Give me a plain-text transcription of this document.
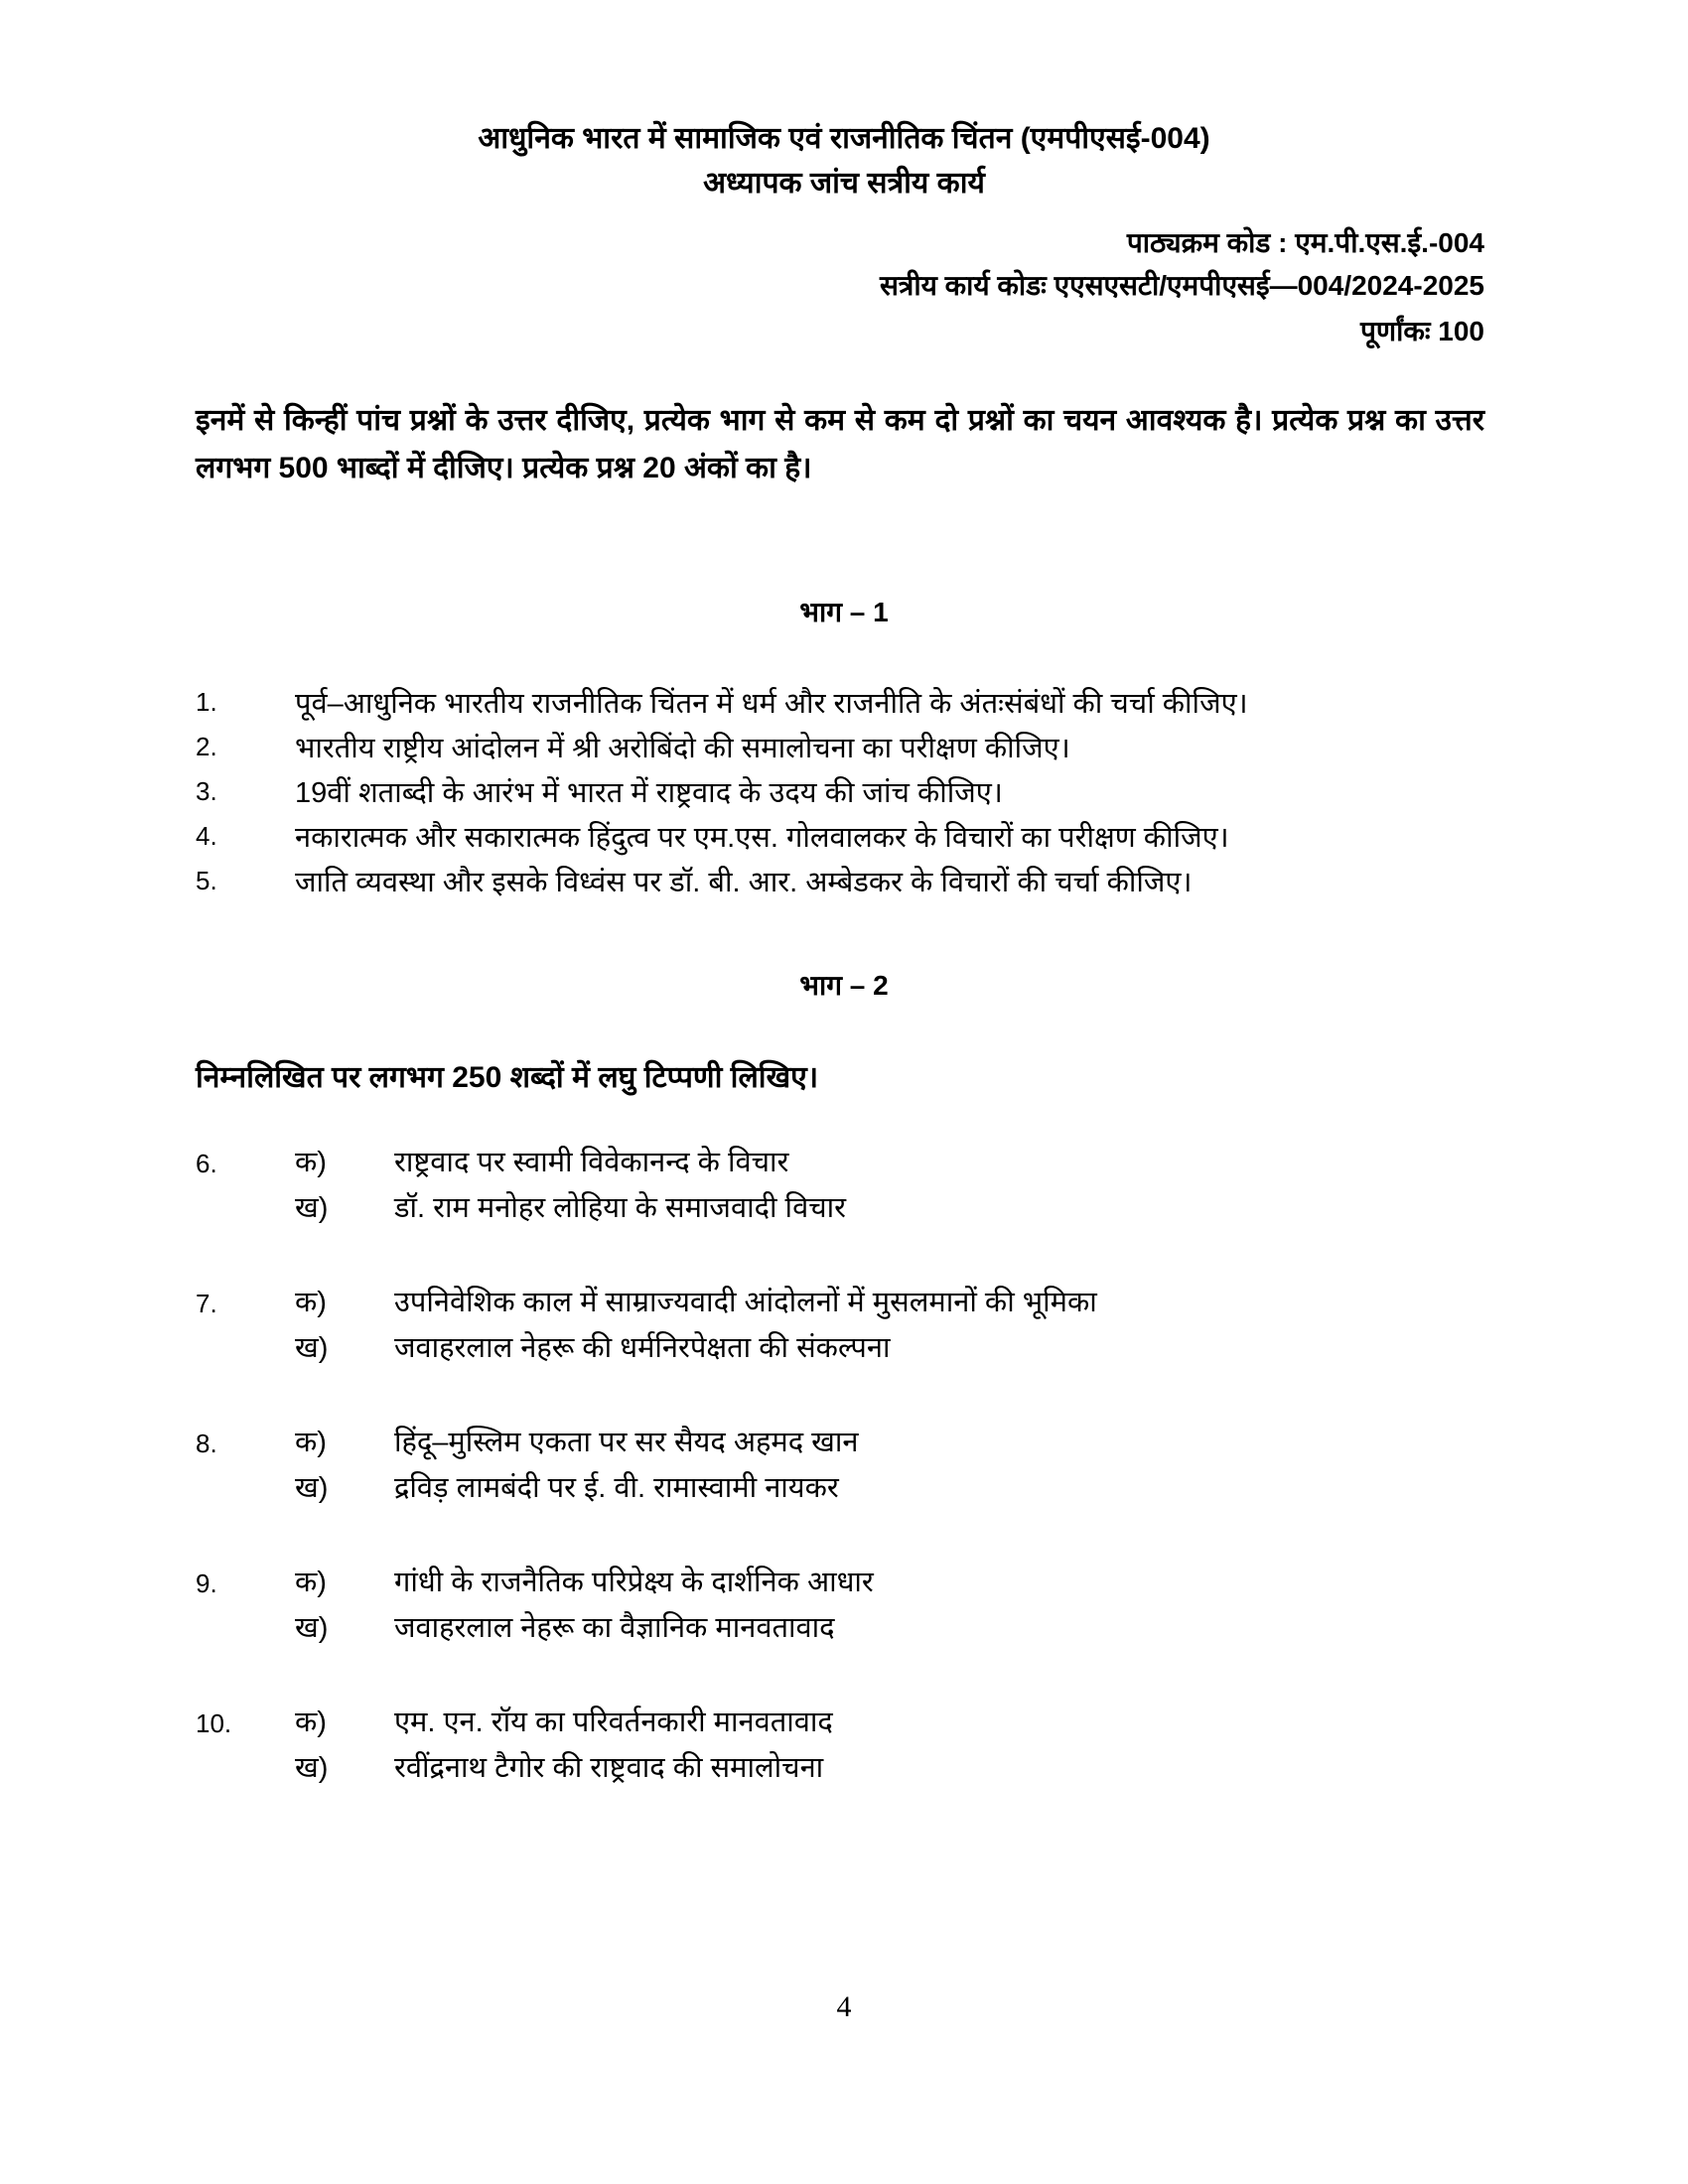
आधुनिक भारत में सामाजिक एवं राजनीतिक चिंतन (एमपीएसई-004)
अध्यापक जांच सत्रीय कार्य
पाठ्यक्रम कोड : एम.पी.एस.ई.-004
सत्रीय कार्य कोडः एएसएसटी/एमपीएसई—004/2024-2025
पूर्णांकः 100
इनमें से किन्हीं पांच प्रश्नों के उत्तर दीजिए, प्रत्येक भाग से कम से कम दो प्रश्नों का चयन आवश्यक है। प्रत्येक प्रश्न का उत्तर लगभग 500 भाब्दों में दीजिए। प्रत्येक प्रश्न 20 अंकों का है।
भाग – 1
1.	पूर्व–आधुनिक भारतीय राजनीतिक चिंतन में धर्म और राजनीति के अंतःसंबंधों की चर्चा कीजिए।
2.	भारतीय राष्ट्रीय आंदोलन में श्री अरोबिंदो की समालोचना का परीक्षण कीजिए।
3.	19वीं शताब्दी के आरंभ में भारत में राष्ट्रवाद के उदय की जांच कीजिए।
4.	नकारात्मक और सकारात्मक हिंदुत्व पर एम.एस. गोलवालकर के विचारों का परीक्षण कीजिए।
5.	जाति व्यवस्था और इसके विध्वंस पर डॉ. बी. आर. अम्बेडकर के विचारों की चर्चा कीजिए।
भाग – 2
निम्नलिखित पर लगभग 250 शब्दों में लघु टिप्पणी लिखिए।
6.	क) राष्ट्रवाद पर स्वामी विवेकानन्द के विचार
ख) डॉ. राम मनोहर लोहिया के समाजवादी विचार
7.	क) उपनिवेशिक काल में साम्राज्यवादी आंदोलनों में मुसलमानों की भूमिका
ख) जवाहरलाल नेहरू की धर्मनिरपेक्षता की संकल्पना
8.	क) हिंदू–मुस्लिम एकता पर सर सैयद अहमद खान
ख) द्रविड़ लामबंदी पर ई. वी. रामास्वामी नायकर
9.	क) गांधी के राजनैतिक परिप्रेक्ष्य के दार्शनिक आधार
ख) जवाहरलाल नेहरू का वैज्ञानिक मानवतावाद
10. क) एम. एन. रॉय का परिवर्तनकारी मानवतावाद
ख) रवींद्रनाथ टैगोर की राष्ट्रवाद की समालोचना
4
